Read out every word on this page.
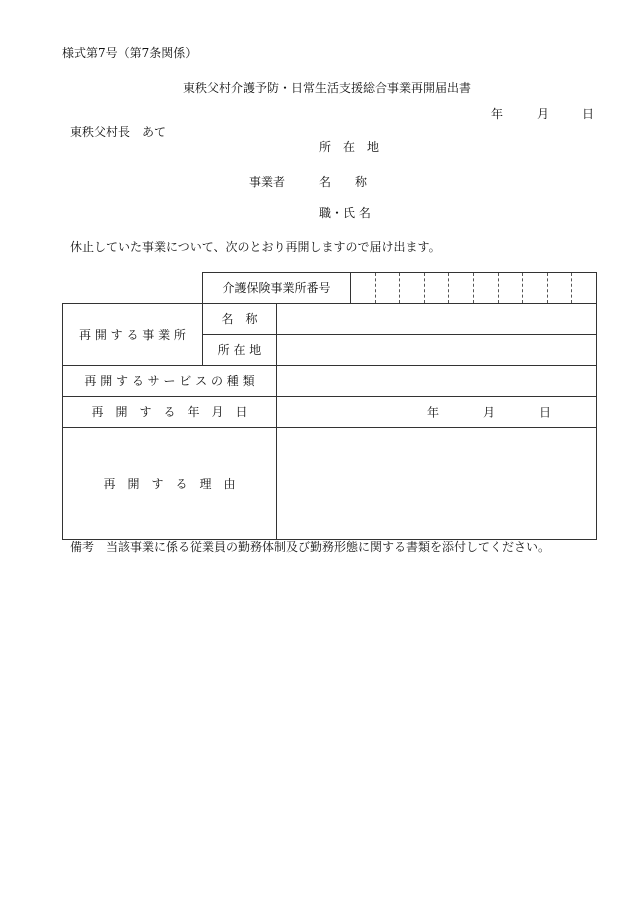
様式第7号（第7条関係）
東秩父村介護予防・日常生活支援総合事業再開届出書
年	月	日
東秩父村長　あて
所　在　地
事業者	名　　称
職・氏 名
休止していた事業について、次のとおり再開しますので届け出ます。
	介護保険事業所番号		

再 開 す る 事 業 所	名　称		
	所 在 地		
再 開 す る サ ー ビ ス の 種 類			
再　開　す　る　年　月　日		年 月 日	

再　開　す　る　理　由			
備考　当該事業に係る従業員の勤務体制及び勤務形態に関する書類を添付してください。
